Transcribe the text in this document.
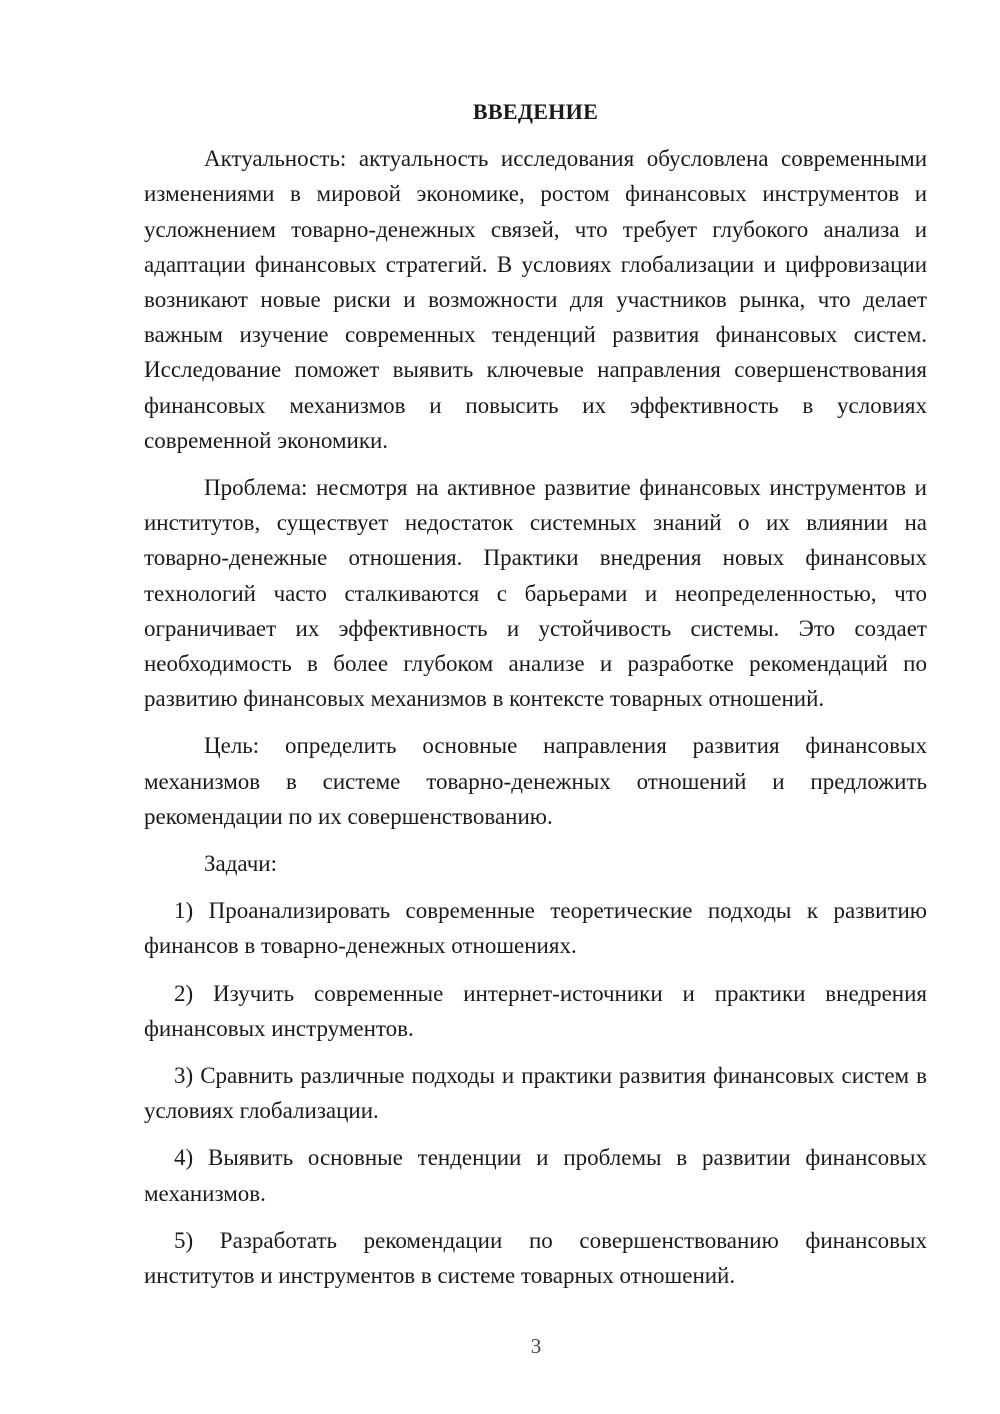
ВВЕДЕНИЕ

Актуальность: актуальность исследования обусловлена современными изменениями в мировой экономике, ростом финансовых инструментов и усложнением товарно-денежных связей, что требует глубокого анализа и адаптации финансовых стратегий. В условиях глобализации и цифровизации возникают новые риски и возможности для участников рынка, что делает важным изучение современных тенденций развития финансовых систем. Исследование поможет выявить ключевые направления совершенствования финансовых механизмов и повысить их эффективность в условиях современной экономики.

Проблема: несмотря на активное развитие финансовых инструментов и институтов, существует недостаток системных знаний о их влиянии на товарно-денежные отношения. Практики внедрения новых финансовых технологий часто сталкиваются с барьерами и неопределенностью, что ограничивает их эффективность и устойчивость системы. Это создает необходимость в более глубоком анализе и разработке рекомендаций по развитию финансовых механизмов в контексте товарных отношений.

Цель: определить основные направления развития финансовых механизмов в системе товарно-денежных отношений и предложить рекомендации по их совершенствованию.

Задачи:

1) Проанализировать современные теоретические подходы к развитию финансов в товарно-денежных отношениях.

2) Изучить современные интернет-источники и практики внедрения финансовых инструментов.

3) Сравнить различные подходы и практики развития финансовых систем в условиях глобализации.

4) Выявить основные тенденции и проблемы в развитии финансовых механизмов.

5) Разработать рекомендации по совершенствованию финансовых институтов и инструментов в системе товарных отношений.

3
